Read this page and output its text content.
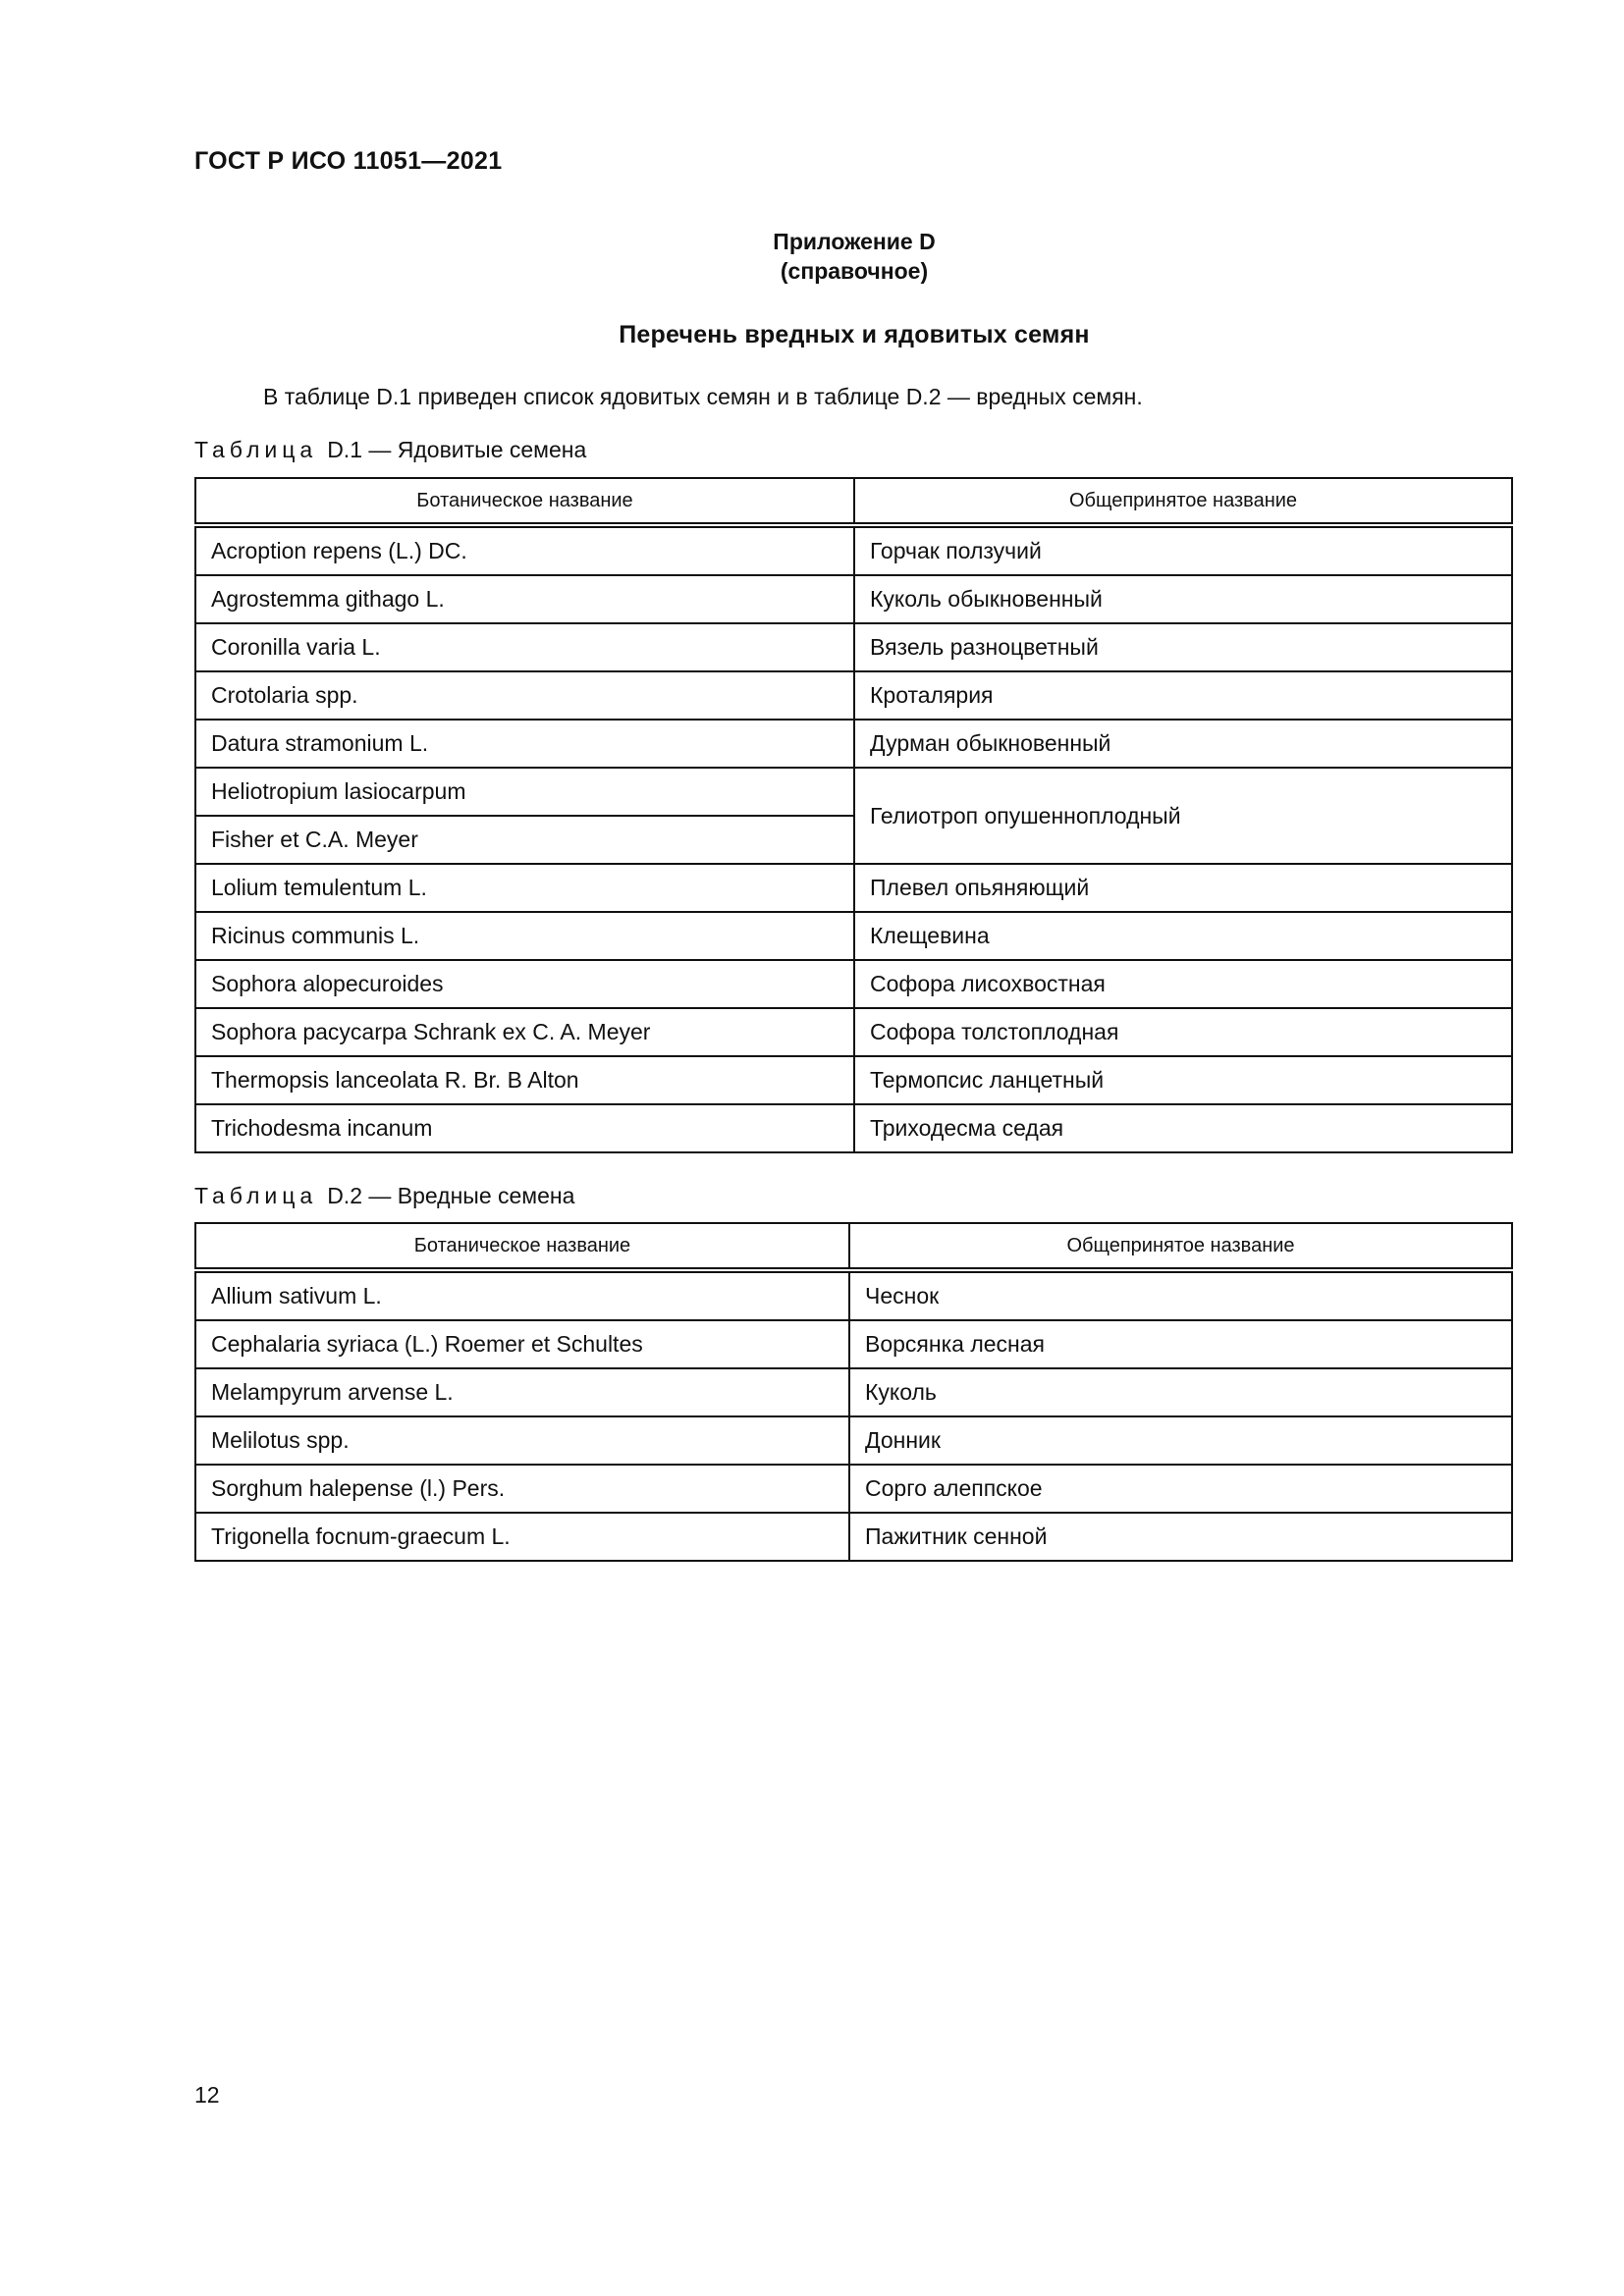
ГОСТ Р ИСО 11051—2021
Приложение D
(справочное)
Перечень вредных и ядовитых семян
В таблице D.1 приведен список ядовитых семян и в таблице D.2 — вредных семян.
Таблица D.1 — Ядовитые семена
Ботаническое название	Общепринятое название
Acroption repens (L.) DC.	Горчак ползучий
Agrostemma githago L.	Куколь обыкновенный
Coronilla varia L.	Вязель разноцветный
Crotolaria spp.	Кроталярия
Datura stramonium L.	Дурман обыкновенный
Heliotropium lasiocarpum	Гелиотроп опушенноплодный
Fisher et C.A. Meyer	
Lolium temulentum L.	Плевел опьяняющий
Ricinus communis L.	Клещевина
Sophora alopecuroides	Софора лисохвостная
Sophora pacycarpa Schrank ex C. A. Meyer	Софора толстоплодная
Thermopsis lanceolata R. Br. B Alton	Термопсис ланцетный
Trichodesma incanum	Триходесма седая
Таблица D.2 — Вредные семена
Ботаническое название	Общепринятое название
Allium sativum L.	Чеснок
Cephalaria syriaca (L.) Roemer et Schultes	Ворсянка лесная
Melampyrum arvense L.	Куколь
Melilotus spp.	Донник
Sorghum halepense (l.) Pers.	Сорго алеппское
Trigonella focnum-graecum L.	Пажитник сенной
12
